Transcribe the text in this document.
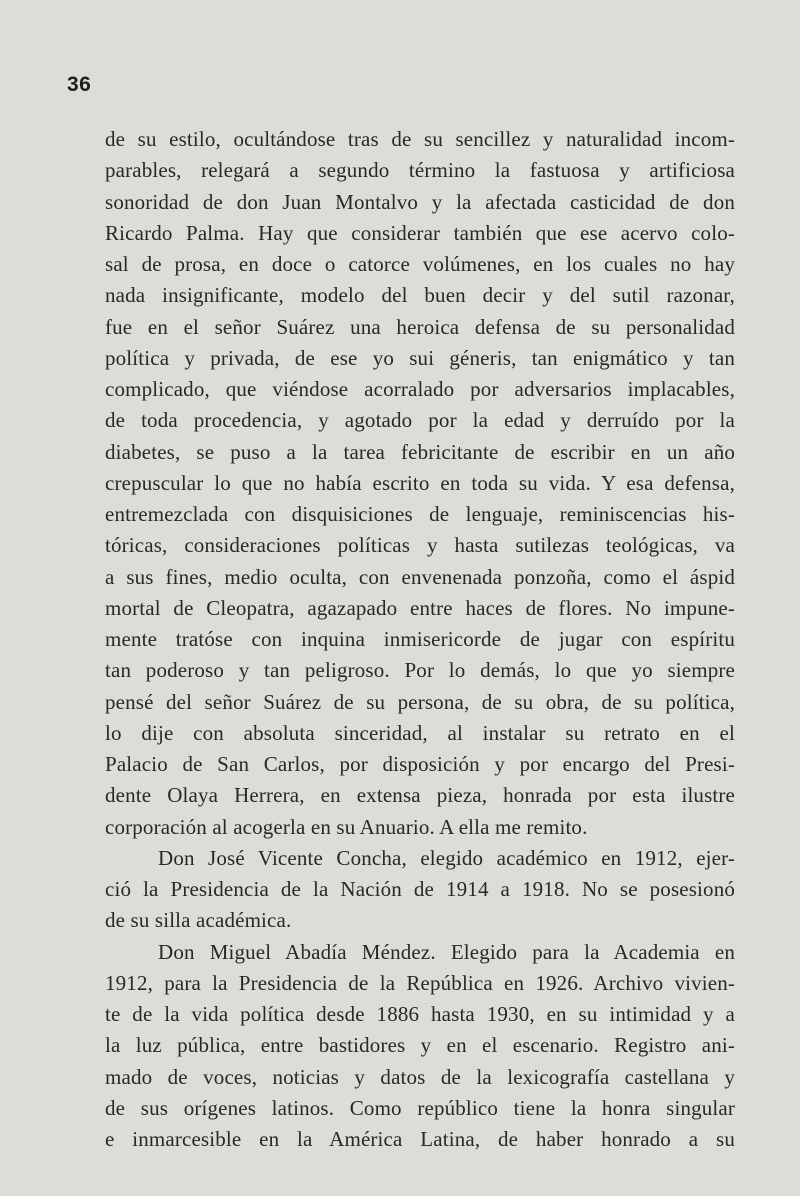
36
de su estilo, ocultándose tras de su sencillez y naturalidad incom-
parables, relegará a segundo término la fastuosa y artificiosa
sonoridad de don Juan Montalvo y la afectada casticidad de don
Ricardo Palma. Hay que considerar también que ese acervo colo-
sal de prosa, en doce o catorce volúmenes, en los cuales no hay
nada insignificante, modelo del buen decir y del sutil razonar,
fue en el señor Suárez una heroica defensa de su personalidad
política y privada, de ese yo sui géneris, tan enigmático y tan
complicado, que viéndose acorralado por adversarios implacables,
de toda procedencia, y agotado por la edad y derruído por la
diabetes, se puso a la tarea febricitante de escribir en un año
crepuscular lo que no había escrito en toda su vida. Y esa defensa,
entremezclada con disquisiciones de lenguaje, reminiscencias his-
tóricas, consideraciones políticas y hasta sutilezas teológicas, va
a sus fines, medio oculta, con envenenada ponzoña, como el áspid
mortal de Cleopatra, agazapado entre haces de flores. No impune-
mente tratóse con inquina inmisericorde de jugar con espíritu
tan poderoso y tan peligroso. Por lo demás, lo que yo siempre
pensé del señor Suárez de su persona, de su obra, de su política,
lo dije con absoluta sinceridad, al instalar su retrato en el
Palacio de San Carlos, por disposición y por encargo del Presi-
dente Olaya Herrera, en extensa pieza, honrada por esta ilustre
corporación al acogerla en su Anuario. A ella me remito.
Don José Vicente Concha, elegido académico en 1912, ejer-
ció la Presidencia de la Nación de 1914 a 1918. No se posesionó
de su silla académica.
Don Miguel Abadía Méndez. Elegido para la Academia en
1912, para la Presidencia de la República en 1926. Archivo vivien-
te de la vida política desde 1886 hasta 1930, en su intimidad y a
la luz pública, entre bastidores y en el escenario. Registro ani-
mado de voces, noticias y datos de la lexicografía castellana y
de sus orígenes latinos. Como repúblico tiene la honra singular
e inmarcesible en la América Latina, de haber honrado a su
